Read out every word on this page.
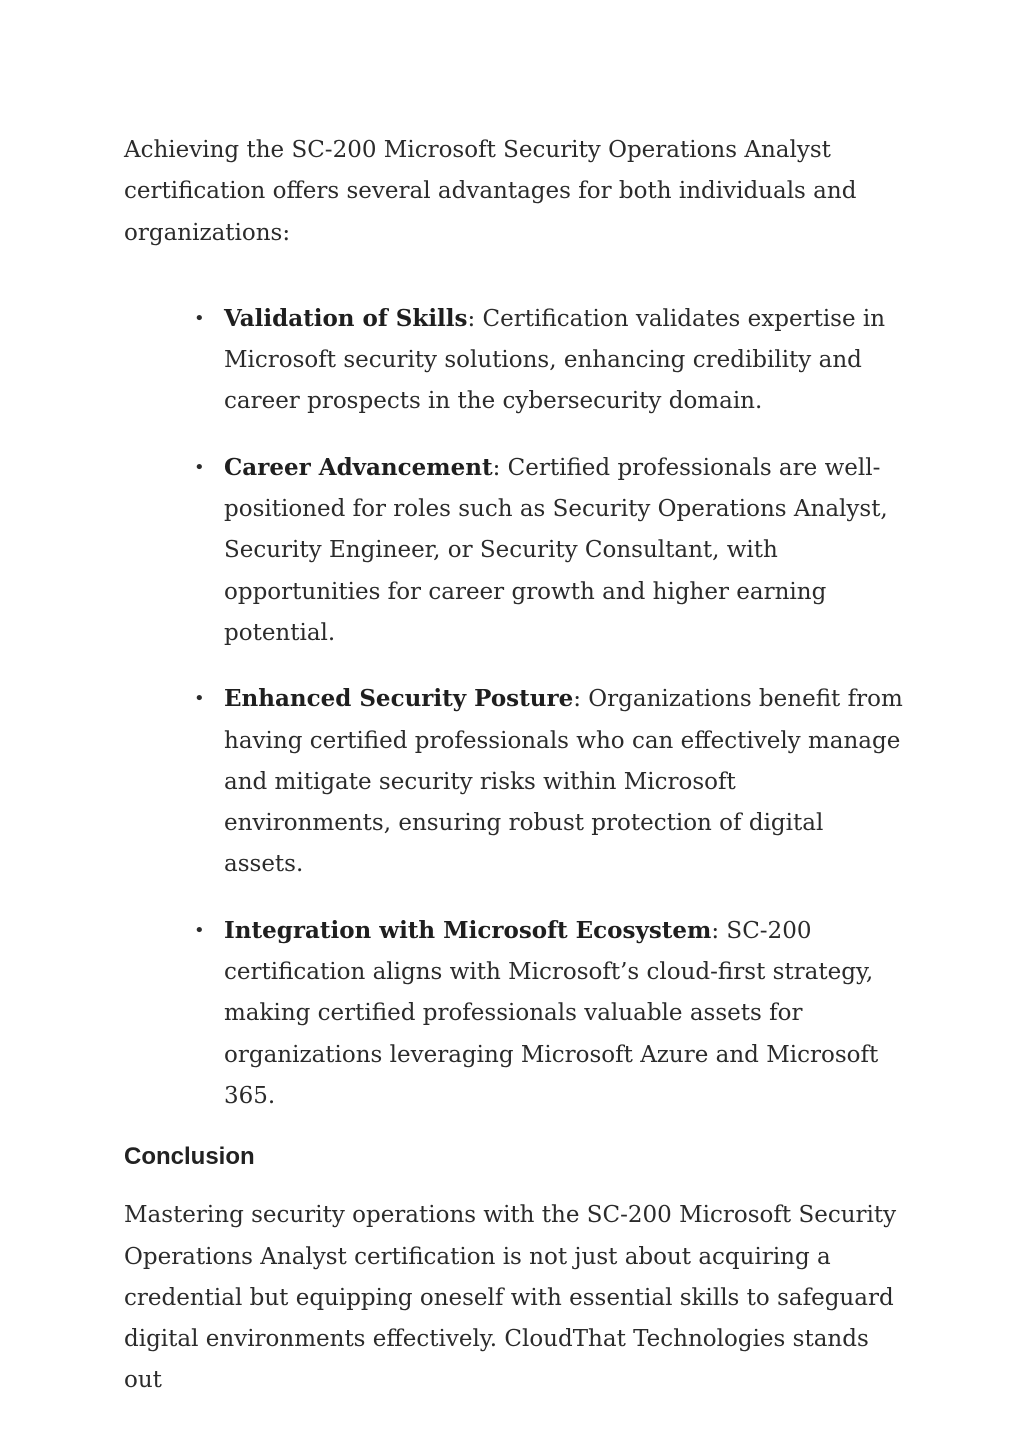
Achieving the SC-200 Microsoft Security Operations Analyst certification offers several advantages for both individuals and organizations:

• Validation of Skills: Certification validates expertise in Microsoft security solutions, enhancing credibility and career prospects in the cybersecurity domain.
• Career Advancement: Certified professionals are well-positioned for roles such as Security Operations Analyst, Security Engineer, or Security Consultant, with opportunities for career growth and higher earning potential.
• Enhanced Security Posture: Organizations benefit from having certified professionals who can effectively manage and mitigate security risks within Microsoft environments, ensuring robust protection of digital assets.
• Integration with Microsoft Ecosystem: SC-200 certification aligns with Microsoft’s cloud-first strategy, making certified professionals valuable assets for organizations leveraging Microsoft Azure and Microsoft 365.
Conclusion

Mastering security operations with the SC-200 Microsoft Security Operations Analyst certification is not just about acquiring a credential but equipping oneself with essential skills to safeguard digital environments effectively. CloudThat Technologies stands out
